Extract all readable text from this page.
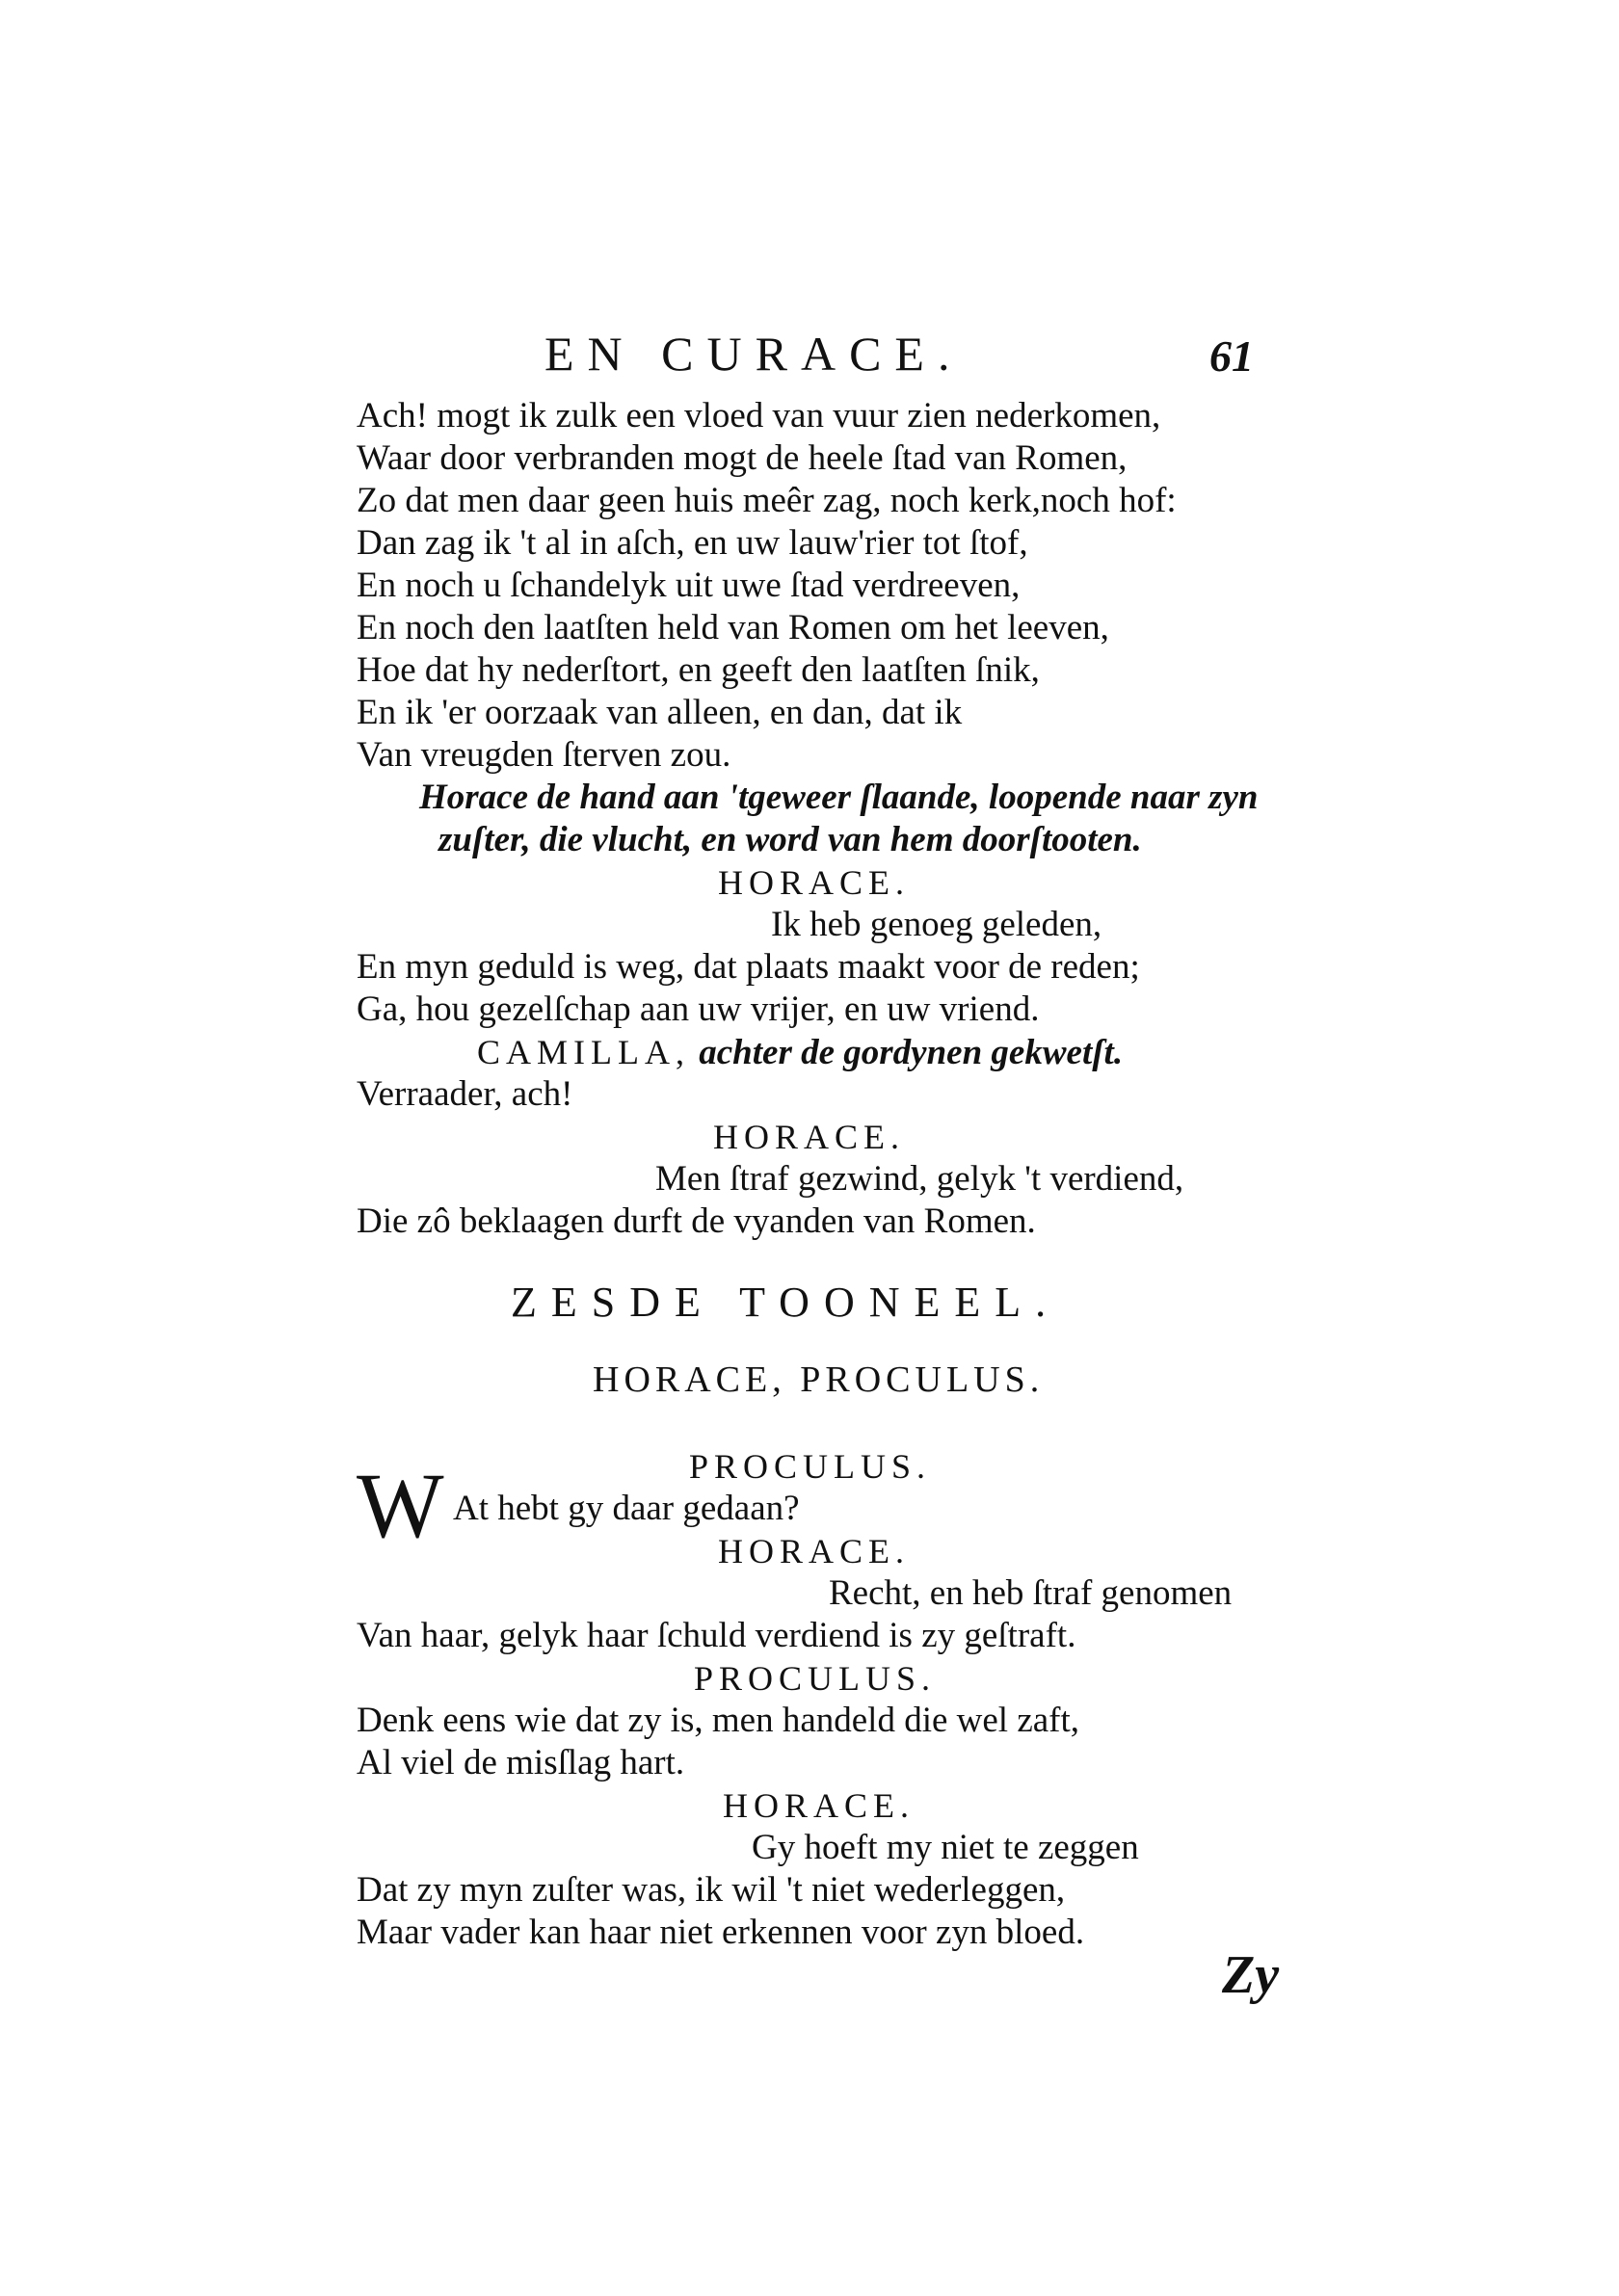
EN CURACE.	61
Ach! mogt ik zulk een vloed van vuur zien nederkomen,
Waar door verbranden mogt de heele ſtad van Romen,
Zo dat men daar geen huis meêr zag, noch kerk,noch hof:
Dan zag ik 't al in aſch, en uw lauw'rier tot ſtof,
En noch u ſchandelyk uit uwe ſtad verdreeven,
En noch den laatſten held van Romen om het leeven,
Hoe dat hy nederſtort, en geeft den laatſten ſnik,
En ik 'er oorzaak van alleen, en dan, dat ik
Van vreugden ſterven zou.
Horace de hand aan 'tgeweer ſlaande, loopende naar zyn
zuſter, die vlucht, en word van hem doorſtooten.
HORACE.
Ik heb genoeg geleden,
En myn geduld is weg, dat plaats maakt voor de reden;
Ga, hou gezelſchap aan uw vrijer, en uw vriend.
CAMILLA, achter de gordynen gekwetſt.
Verraader, ach!
HORACE.
Men ſtraf gezwind, gelyk 't verdiend,
Die zô beklaagen durft de vyanden van Romen.
ZESDE TOONEEL.
HORACE, PROCULUS.
PROCULUS.
W At hebt gy daar gedaan?
HORACE.
Recht, en heb ſtraf genomen
Van haar, gelyk haar ſchuld verdiend is zy geſtraft.
PROCULUS.
Denk eens wie dat zy is, men handeld die wel zaft,
Al viel de misſlag hart.
HORACE.
Gy hoeft my niet te zeggen
Dat zy myn zuſter was, ik wil 't niet wederleggen,
Maar vader kan haar niet erkennen voor zyn bloed.
Zy
